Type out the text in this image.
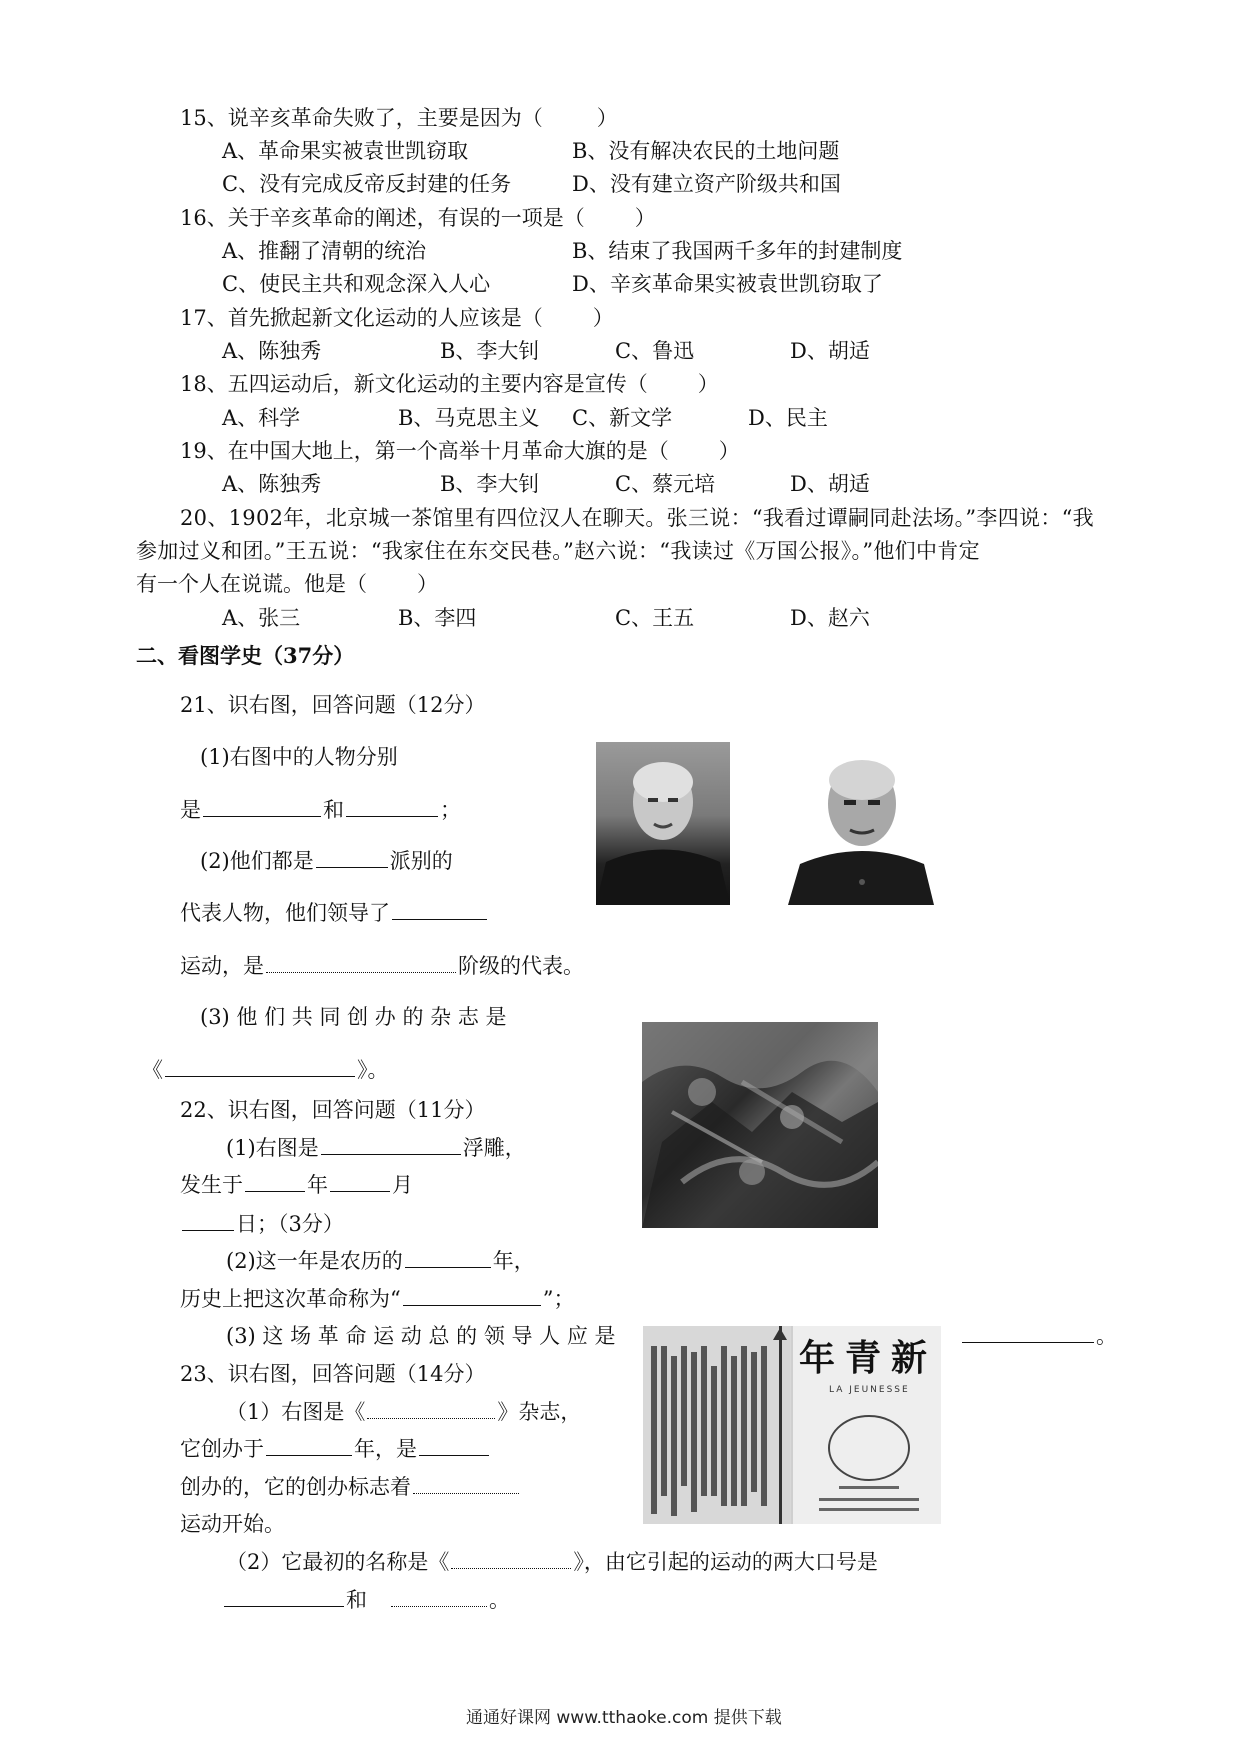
15、说辛亥革命失败了，主要是因为（	）
A、革命果实被袁世凯窃取	B、没有解决农民的土地问题
C、没有完成反帝反封建的任务	D、没有建立资产阶级共和国
16、关于辛亥革命的阐述，有误的一项是（ ）
A、推翻了清朝的统治	B、结束了我国两千多年的封建制度
C、使民主共和观念深入人心	D、辛亥革命果实被袁世凯窃取了
17、首先掀起新文化运动的人应该是（ ）
A、陈独秀	B、李大钊	C、鲁迅	D、胡适
18、五四运动后，新文化运动的主要内容是宣传（ ）
A、科学	B、马克思主义 C、新文学	D、民主
19、在中国大地上，第一个高举十月革命大旗的是（ ）
A、陈独秀	B、李大钊	C、蔡元培	D、胡适
20、1902年，北京城一茶馆里有四位汉人在聊天。张三说：“我看过谭嗣同赴法场。”李四说：“我
参加过义和团。”王五说：“我家住在东交民巷。”赵六说：“我读过《万国公报》。”他们中肯定
有一个人在说谎。他是（ ）
A、张三	B、李四	C、王五	D、赵六
二、看图学史（37分）
21、识右图，回答问题（12分）
(1)右图中的人物分别
是	和	；
(2)他们都是	派别的
代表人物，他们领导了
运动，是	阶级的代表。
(3) 他 们 共 同 创 办 的 杂 志 是
《	》。
22、识右图，回答问题（11分）
(1)右图是	浮雕，
发生于	年	月
日；（3分）
(2)这一年是农历的	年，
历史上把这次革命称为“	”；
(3) 这 场 革 命 运 动 总 的 领 导 人 应 是	。
年青新
LA JEUNESSE
23、识右图，回答问题（14分）
（1）右图是《	》杂志，
它创办于	年，是
创办的，它的创办标志着
运动开始。
（2）它最初的名称是《	》，由它引起的运动的两大口号是
和	。
通通好课网 www.tthaoke.com 提供下载
